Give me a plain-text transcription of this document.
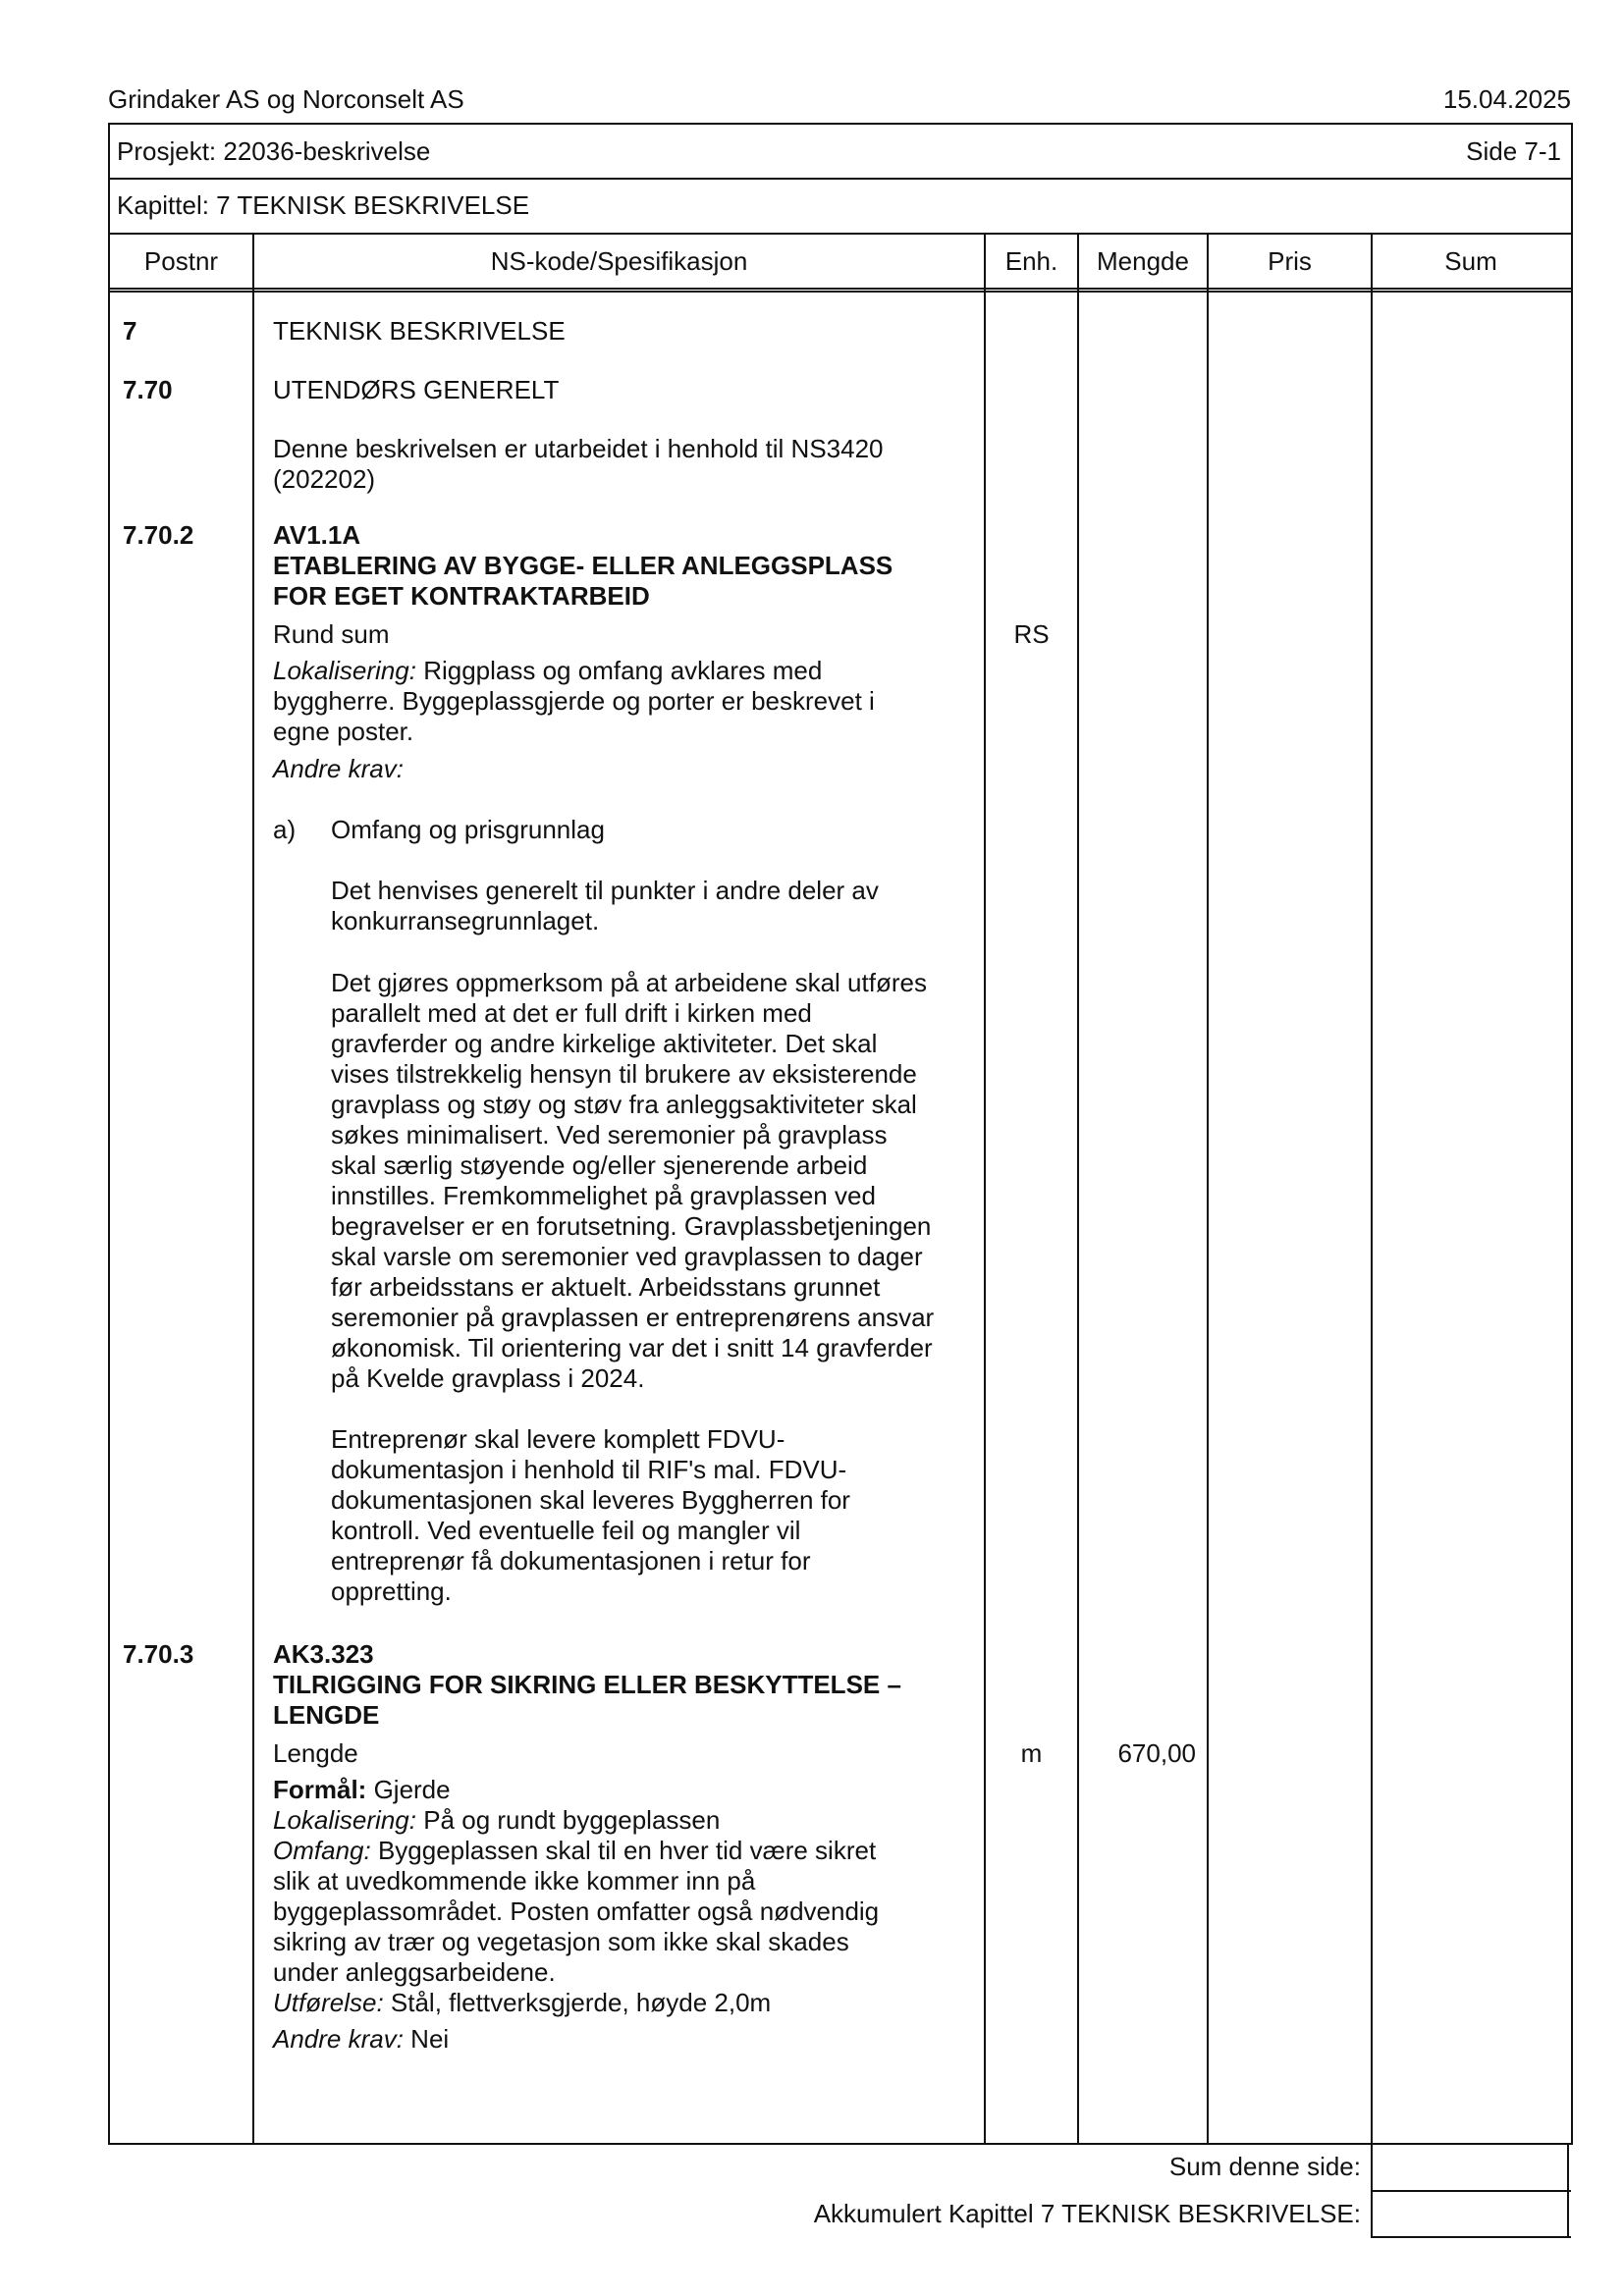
Grindaker AS og Norconselt AS	15.04.2025
Prosjekt: 22036-beskrivelse	Side 7-1
Kapittel: 7 TEKNISK BESKRIVELSE
Postnr	NS-kode/Spesifikasjon	Enh.	Mengde	Pris	Sum
7	TEKNISK BESKRIVELSE
7.70	UTENDØRS GENERELT
Denne beskrivelsen er utarbeidet i henhold til NS3420
(202202)
7.70.2	AV1.1A
ETABLERING AV BYGGE- ELLER ANLEGGSPLASS
FOR EGET KONTRAKTARBEID
Rund sum	RS
Lokalisering: Riggplass og omfang avklares med
byggherre. Byggeplassgjerde og porter er beskrevet i
egne poster.
Andre krav:
a) Omfang og prisgrunnlag
Det henvises generelt til punkter i andre deler av
konkurransegrunnlaget.
Det gjøres oppmerksom på at arbeidene skal utføres
parallelt med at det er full drift i kirken med
gravferder og andre kirkelige aktiviteter. Det skal
vises tilstrekkelig hensyn til brukere av eksisterende
gravplass og støy og støv fra anleggsaktiviteter skal
søkes minimalisert. Ved seremonier på gravplass
skal særlig støyende og/eller sjenerende arbeid
innstilles. Fremkommelighet på gravplassen ved
begravelser er en forutsetning. Gravplassbetjeningen
skal varsle om seremonier ved gravplassen to dager
før arbeidsstans er aktuelt. Arbeidsstans grunnet
seremonier på gravplassen er entreprenørens ansvar
økonomisk. Til orientering var det i snitt 14 gravferder
på Kvelde gravplass i 2024.
Entreprenør skal levere komplett FDVU-
dokumentasjon i henhold til RIF's mal. FDVU-
dokumentasjonen skal leveres Byggherren for
kontroll. Ved eventuelle feil og mangler vil
entreprenør få dokumentasjonen i retur for
oppretting.
7.70.3	AK3.323
TILRIGGING FOR SIKRING ELLER BESKYTTELSE –
LENGDE
Lengde	m	670,00
Formål: Gjerde
Lokalisering: På og rundt byggeplassen
Omfang: Byggeplassen skal til en hver tid være sikret
slik at uvedkommende ikke kommer inn på
byggeplassområdet. Posten omfatter også nødvendig
sikring av trær og vegetasjon som ikke skal skades
under anleggsarbeidene.
Utførelse: Stål, flettverksgjerde, høyde 2,0m
Andre krav: Nei
Sum denne side:
Akkumulert Kapittel 7 TEKNISK BESKRIVELSE:
